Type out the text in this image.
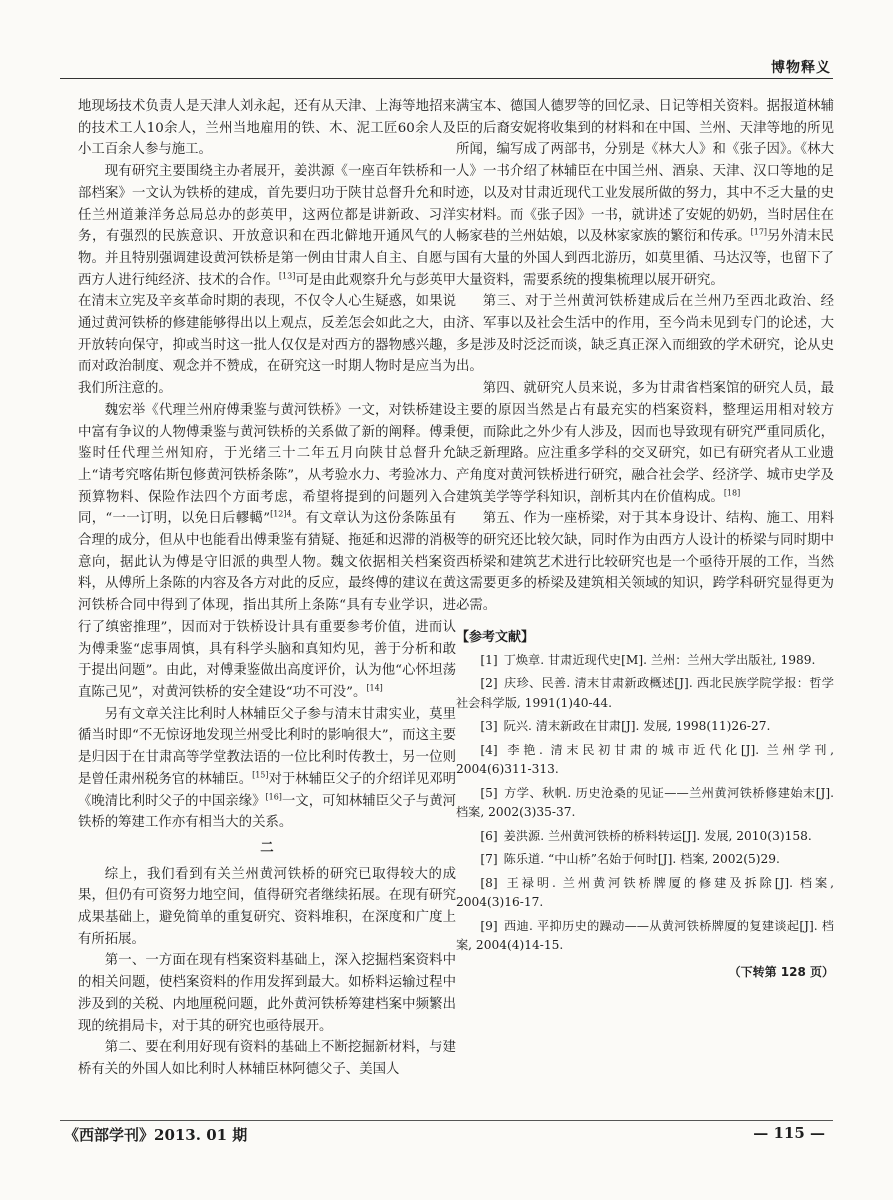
博物释义

地现场技术负责人是天津人刘永起，还有从天津、上海等地招来的技术工人10余人，兰州当地雇用的铁、木、泥工匠60余人及小工百余人参与施工。

现有研究主要围绕主办者展开，姜洪源《一座百年铁桥和一部档案》一文认为铁桥的建成，首先要归功于陕甘总督升允和时任兰州道兼洋务总局总办的彭英甲，这两位都是讲新政、习洋务，有强烈的民族意识、开放意识和在西北僻地开通风气的人物。并且特别强调建设黄河铁桥是第一例由甘肃人自主、自愿与西方人进行纯经济、技术的合作。[13]可是由此观察升允与彭英甲在清末立宪及辛亥革命时期的表现，不仅令人心生疑惑，如果说通过黄河铁桥的修建能够得出以上观点，反差怎会如此之大，由开放转向保守，抑或当时这一批人仅仅是对西方的器物感兴趣，而对政治制度、观念并不赞成，在研究这一时期人物时是应当为我们所注意的。

魏宏举《代理兰州府傅秉鉴与黄河铁桥》一文，对铁桥建设中富有争议的人物傅秉鉴与黄河铁桥的关系做了新的阐释。傅秉鉴时任代理兰州知府，于光绪三十二年五月向陕甘总督升允上“请考究喀佑斯包修黄河铁桥条陈”，从考验水力、考验冰力、预算物料、保险作法四个方面考虑，希望将提到的问题列入合同，“一一订明，以免日后轇轕”$^{[12]4}$。有文章认为这份条陈虽有合理的成分，但从中也能看出傅秉鉴有猜疑、拖延和迟滞的消极意向，据此认为傅是守旧派的典型人物。魏文依据相关档案资料，从傅所上条陈的内容及各方对此的反应，最终傅的建议在黄河铁桥合同中得到了体现，指出其所上条陈“具有专业学识，进行了缜密推理”，因而对于铁桥设计具有重要参考价值，进而认为傅秉鉴“虑事周慎，具有科学头脑和真知灼见，善于分析和敢于提出问题”。由此，对傅秉鉴做出高度评价，认为他“心怀坦荡直陈己见”，对黄河铁桥的安全建设“功不可没”。[14]

另有文章关注比利时人林辅臣父子参与清末甘肃实业，莫里循当时即“不无惊讶地发现兰州受比利时的影响很大”，而这主要是归因于在甘肃高等学堂教法语的一位比利时传教士，另一位则是曾任肃州税务官的林辅臣。[15]对于林辅臣父子的介绍详见邓明《晚清比利时父子的中国亲缘》[16]一文，可知林辅臣父子与黄河铁桥的筹建工作亦有相当大的关系。

二

综上，我们看到有关兰州黄河铁桥的研究已取得较大的成果，但仍有可资努力地空间，值得研究者继续拓展。在现有研究成果基础上，避免简单的重复研究、资料堆积，在深度和广度上有所拓展。

第一、一方面在现有档案资料基础上，深入挖掘档案资料中的相关问题，使档案资料的作用发挥到最大。如桥料运输过程中涉及到的关税、内地厘税问题，此外黄河铁桥筹建档案中频繁出现的统捐局卡，对于其的研究也亟待展开。

第二、要在利用好现有资料的基础上不断挖掘新材料，与建桥有关的外国人如比利时人林辅臣林阿德父子、美国人

满宝本、德国人德罗等的回忆录、日记等相关资料。据报道林辅臣的后裔安妮将收集到的材料和在中国、兰州、天津等地的所见所闻，编写成了两部书，分别是《林大人》和《张子因》。《林大人》一书介绍了林辅臣在中国兰州、酒泉、天津、汉口等地的足迹，以及对甘肃近现代工业发展所做的努力，其中不乏大量的史实材料。而《张子因》一书，就讲述了安妮的奶奶，当时居住在畅家巷的兰州姑娘，以及林家家族的繁衍和传承。[17]另外清末民国有大量的外国人到西北游历，如莫里循、马达汉等，也留下了大量资料，需要系统的搜集梳理以展开研究。

第三、对于兰州黄河铁桥建成后在兰州乃至西北政治、经济、军事以及社会生活中的作用，至今尚未见到专门的论述，大多是涉及时泛泛而谈，缺乏真正深入而细致的学术研究，论从史出。

第四、就研究人员来说，多为甘肃省档案馆的研究人员，最主要的原因当然是占有最充实的档案资料，整理运用相对较方便，而除此之外少有人涉及，因而也导致现有研究严重同质化，缺乏新理路。应注重多学科的交叉研究，如已有研究者从工业遗产角度对黄河铁桥进行研究，融合社会学、经济学、城市史学及建筑美学等学科知识，剖析其内在价值构成。[18]

第五、作为一座桥梁，对于其本身设计、结构、施工、用料等的研究还比较欠缺，同时作为由西方人设计的桥梁与同时期中西桥梁和建筑艺术进行比较研究也是一个亟待开展的工作，当然这需要更多的桥梁及建筑相关领域的知识，跨学科研究显得更为必需。

【参考文献】
[1] 丁焕章. 甘肃近现代史[M]. 兰州：兰州大学出版社, 1989.
[2] 庆珍、民善. 清末甘肃新政概述[J]. 西北民族学院学报：哲学社会科学版, 1991(1)40-44.
[3] 阮兴. 清末新政在甘肃[J]. 发展, 1998(11)26-27.
[4] 李艳. 清末民初甘肃的城市近代化[J]. 兰州学刊, 2004(6)311-313.
[5] 方学、秋帆. 历史沧桑的见证——兰州黄河铁桥修建始末[J]. 档案, 2002(3)35-37.
[6] 姜洪源. 兰州黄河铁桥的桥料转运[J]. 发展, 2010(3)158.
[7] 陈乐道. “中山桥”名始于何时[J]. 档案, 2002(5)29.
[8] 王禄明. 兰州黄河铁桥牌厦的修建及拆除[J]. 档案, 2004(3)16-17.
[9] 西迪. 平抑历史的躁动——从黄河铁桥牌厦的复建谈起[J]. 档案, 2004(4)14-15.
（下转第 128 页）
《西部学刊》2013. 01 期	— 115 —
